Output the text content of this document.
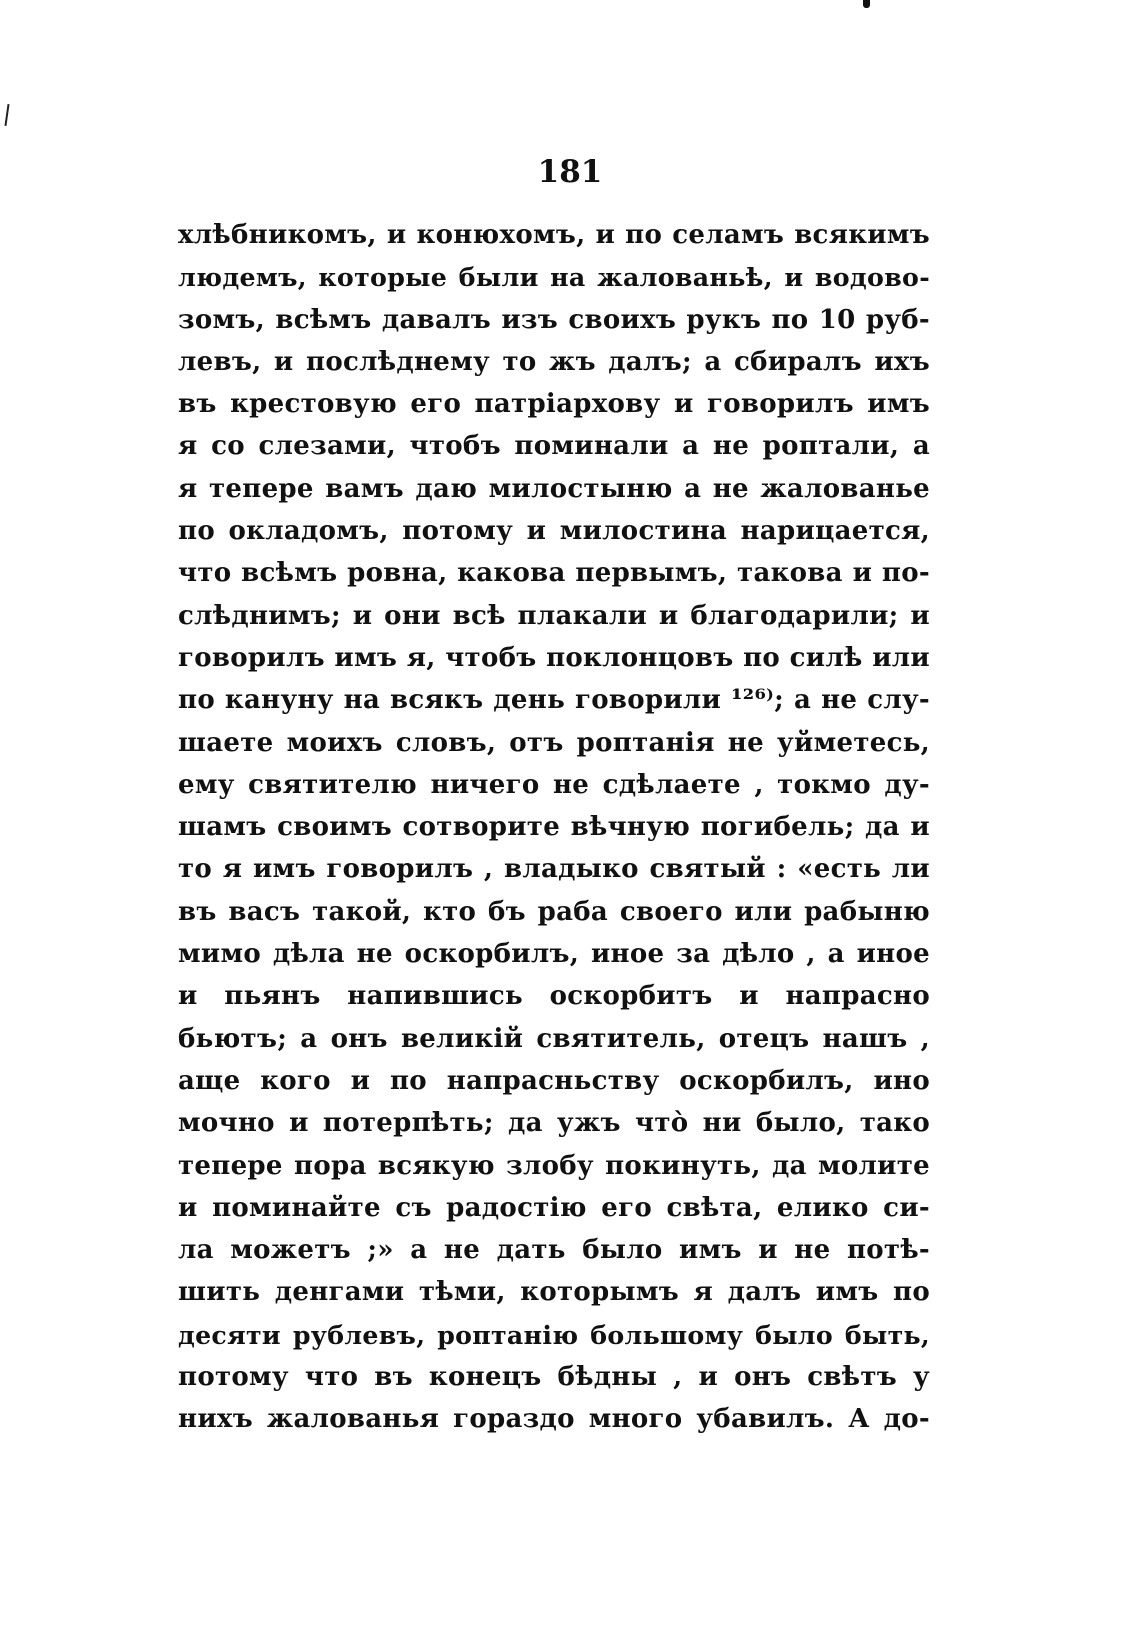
181
хлѣбникомъ, и конюхомъ, и по селамъ всякимъ
людемъ, которые были на жалованьѣ, и водово-
зомъ, всѣмъ давалъ изъ своихъ рукъ по 10 руб-
левъ, и послѣднему то жъ далъ; а сбиралъ ихъ
въ крестовую его патріархову и говорилъ имъ
я со слезами, чтобъ поминали а не роптали, а
я тепере вамъ даю милостыню а не жалованье
по окладомъ, потому и милостина нарицается,
что всѣмъ ровна, какова первымъ, такова и по-
слѣднимъ; и они всѣ плакали и благодарили; и
говорилъ имъ я, чтобъ поклонцовъ по силѣ или
по кануну на всякъ день говорили ¹²⁶⁾; а не слу-
шаете моихъ словъ, отъ роптанія не уйметесь,
ему святителю ничего не сдѣлаете , токмо ду-
шамъ своимъ сотворите вѣчную погибель; да и
то я имъ говорилъ , владыко святый : «есть ли
въ васъ такой, кто бъ раба своего или рабыню
мимо дѣла не оскорбилъ, иное за дѣло , а иное
и пьянъ напившись оскорбитъ и напрасно
бьютъ; а онъ великій святитель, отецъ нашъ ,
аще кого и по напрасньству оскорбилъ, ино
мочно и потерпѣть; да ужъ что̀ ни было, тако
тепере пора всякую злобу покинуть, да молите
и поминайте съ радостію его свѣта, елико си-
ла можетъ ;» а не дать было имъ и не потѣ-
шить денгами тѣми, которымъ я далъ имъ по
десяти рублевъ, роптанію большому было быть,
потому что въ конецъ бѣдны , и онъ свѣтъ у
нихъ жалованья гораздо много убавилъ. А до-
